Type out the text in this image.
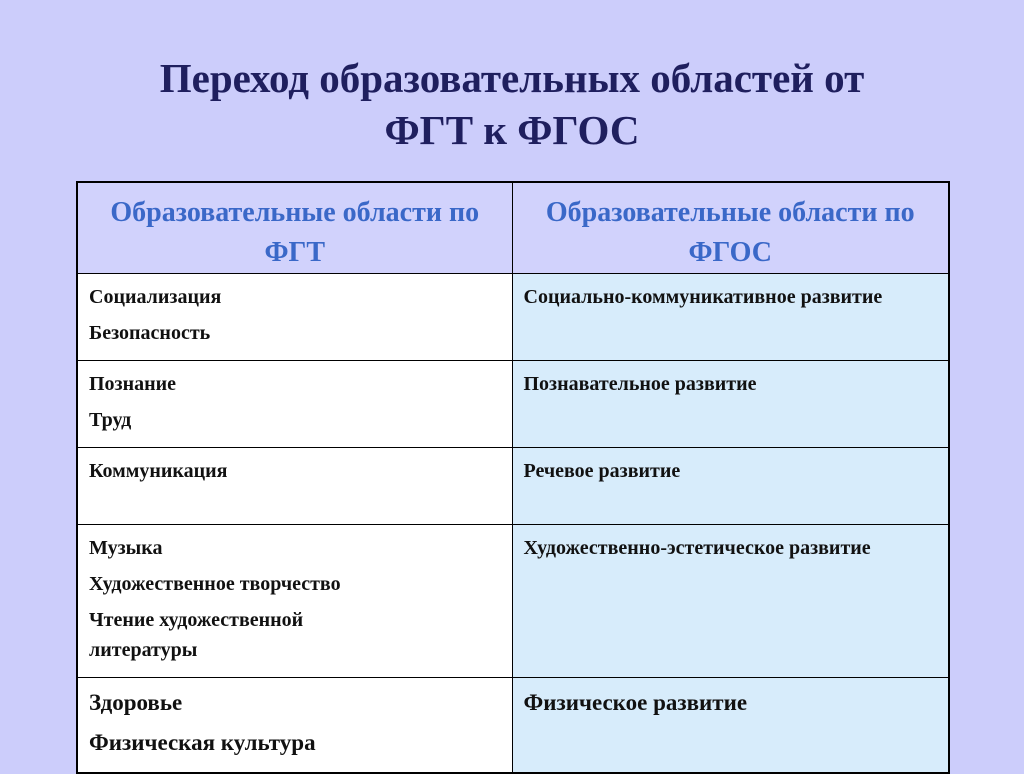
Переход образовательных областей от
ФГТ к ФГОС
Образовательные области по ФГТ	Образовательные области по ФГОС

Социализация
Безопасность	Социально-коммуникативное развитие

Познание
Труд	Познавательное развитие

Коммуникация	Речевое развитие

Музыка
Художественное творчество
Чтение художественной литературы	Художественно-эстетическое развитие

Здоровье
Физическая культура	Физическое развитие
